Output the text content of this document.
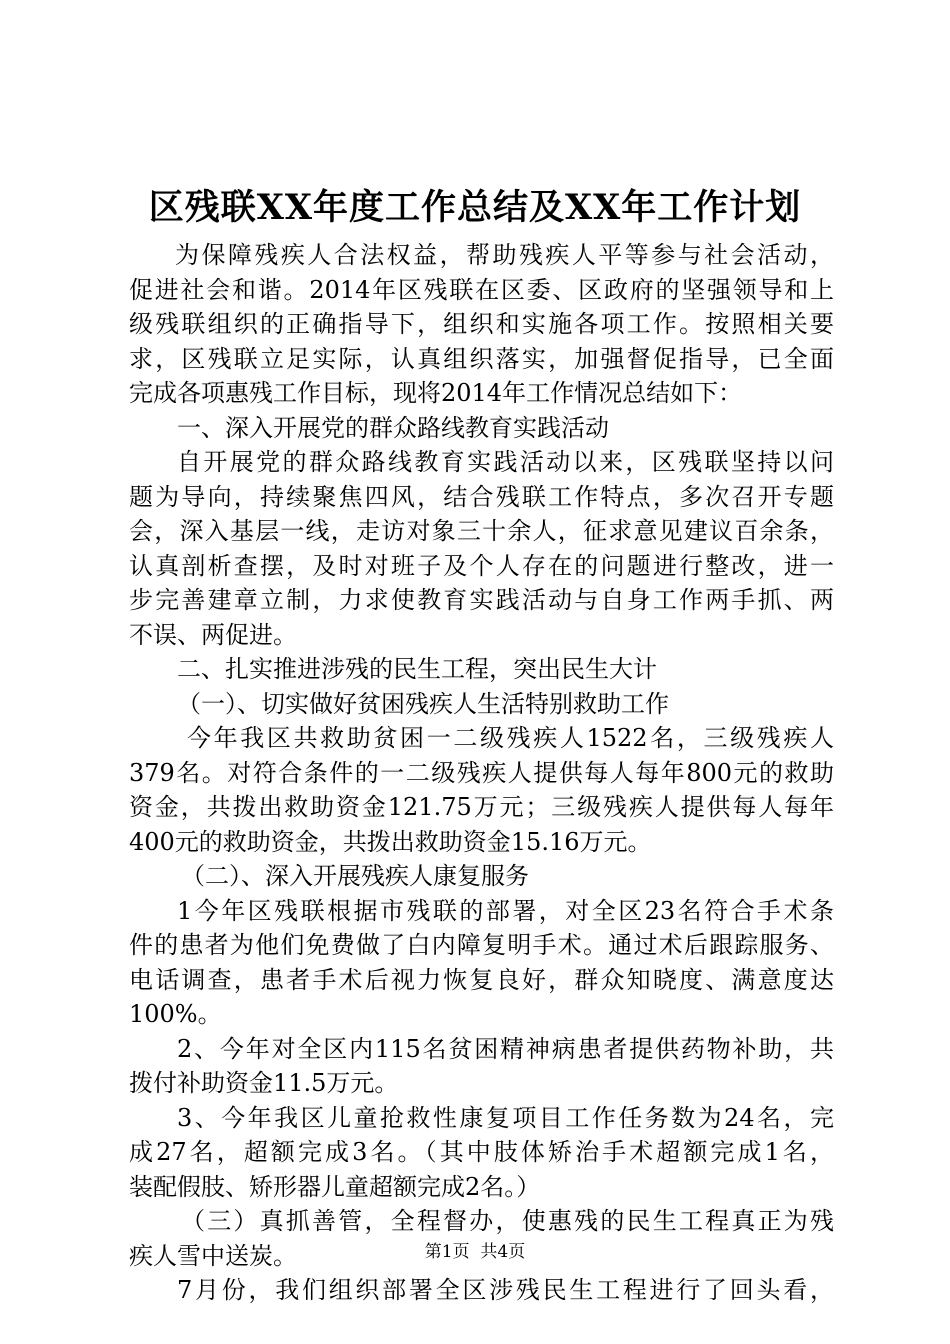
区残联XX年度工作总结及XX年工作计划
为保障残疾人合法权益，帮助残疾人平等参与社会活动，
促进社会和谐。2014年区残联在区委、区政府的坚强领导和上
级残联组织的正确指导下，组织和实施各项工作。按照相关要
求，区残联立足实际，认真组织落实，加强督促指导，已全面
完成各项惠残工作目标，现将2014年工作情况总结如下：
一、深入开展党的群众路线教育实践活动
自开展党的群众路线教育实践活动以来，区残联坚持以问
题为导向，持续聚焦四风，结合残联工作特点，多次召开专题
会，深入基层一线，走访对象三十余人，征求意见建议百余条，
认真剖析查摆，及时对班子及个人存在的问题进行整改，进一
步完善建章立制，力求使教育实践活动与自身工作两手抓、两
不误、两促进。
二、扎实推进涉残的民生工程，突出民生大计
（一）、切实做好贫困残疾人生活特别救助工作
今年我区共救助贫困一二级残疾人1522名，三级残疾人
379名。对符合条件的一二级残疾人提供每人每年800元的救助
资金，共拨出救助资金121.75万元；三级残疾人提供每人每年
400元的救助资金，共拨出救助资金15.16万元。
（二）、深入开展残疾人康复服务
1今年区残联根据市残联的部署，对全区23名符合手术条
件的患者为他们免费做了白内障复明手术。通过术后跟踪服务、
电话调查，患者手术后视力恢复良好，群众知晓度、满意度达
100%。
2、今年对全区内115名贫困精神病患者提供药物补助，共
拨付补助资金11.5万元。
3、今年我区儿童抢救性康复项目工作任务数为24名，完
成27名，超额完成3名。（其中肢体矫治手术超额完成1名，
装配假肢、矫形器儿童超额完成2名。）
（三）真抓善管，全程督办，使惠残的民生工程真正为残
疾人雪中送炭。
7月份，我们组织部署全区涉残民生工程进行了回头看，
第1页  共4页
